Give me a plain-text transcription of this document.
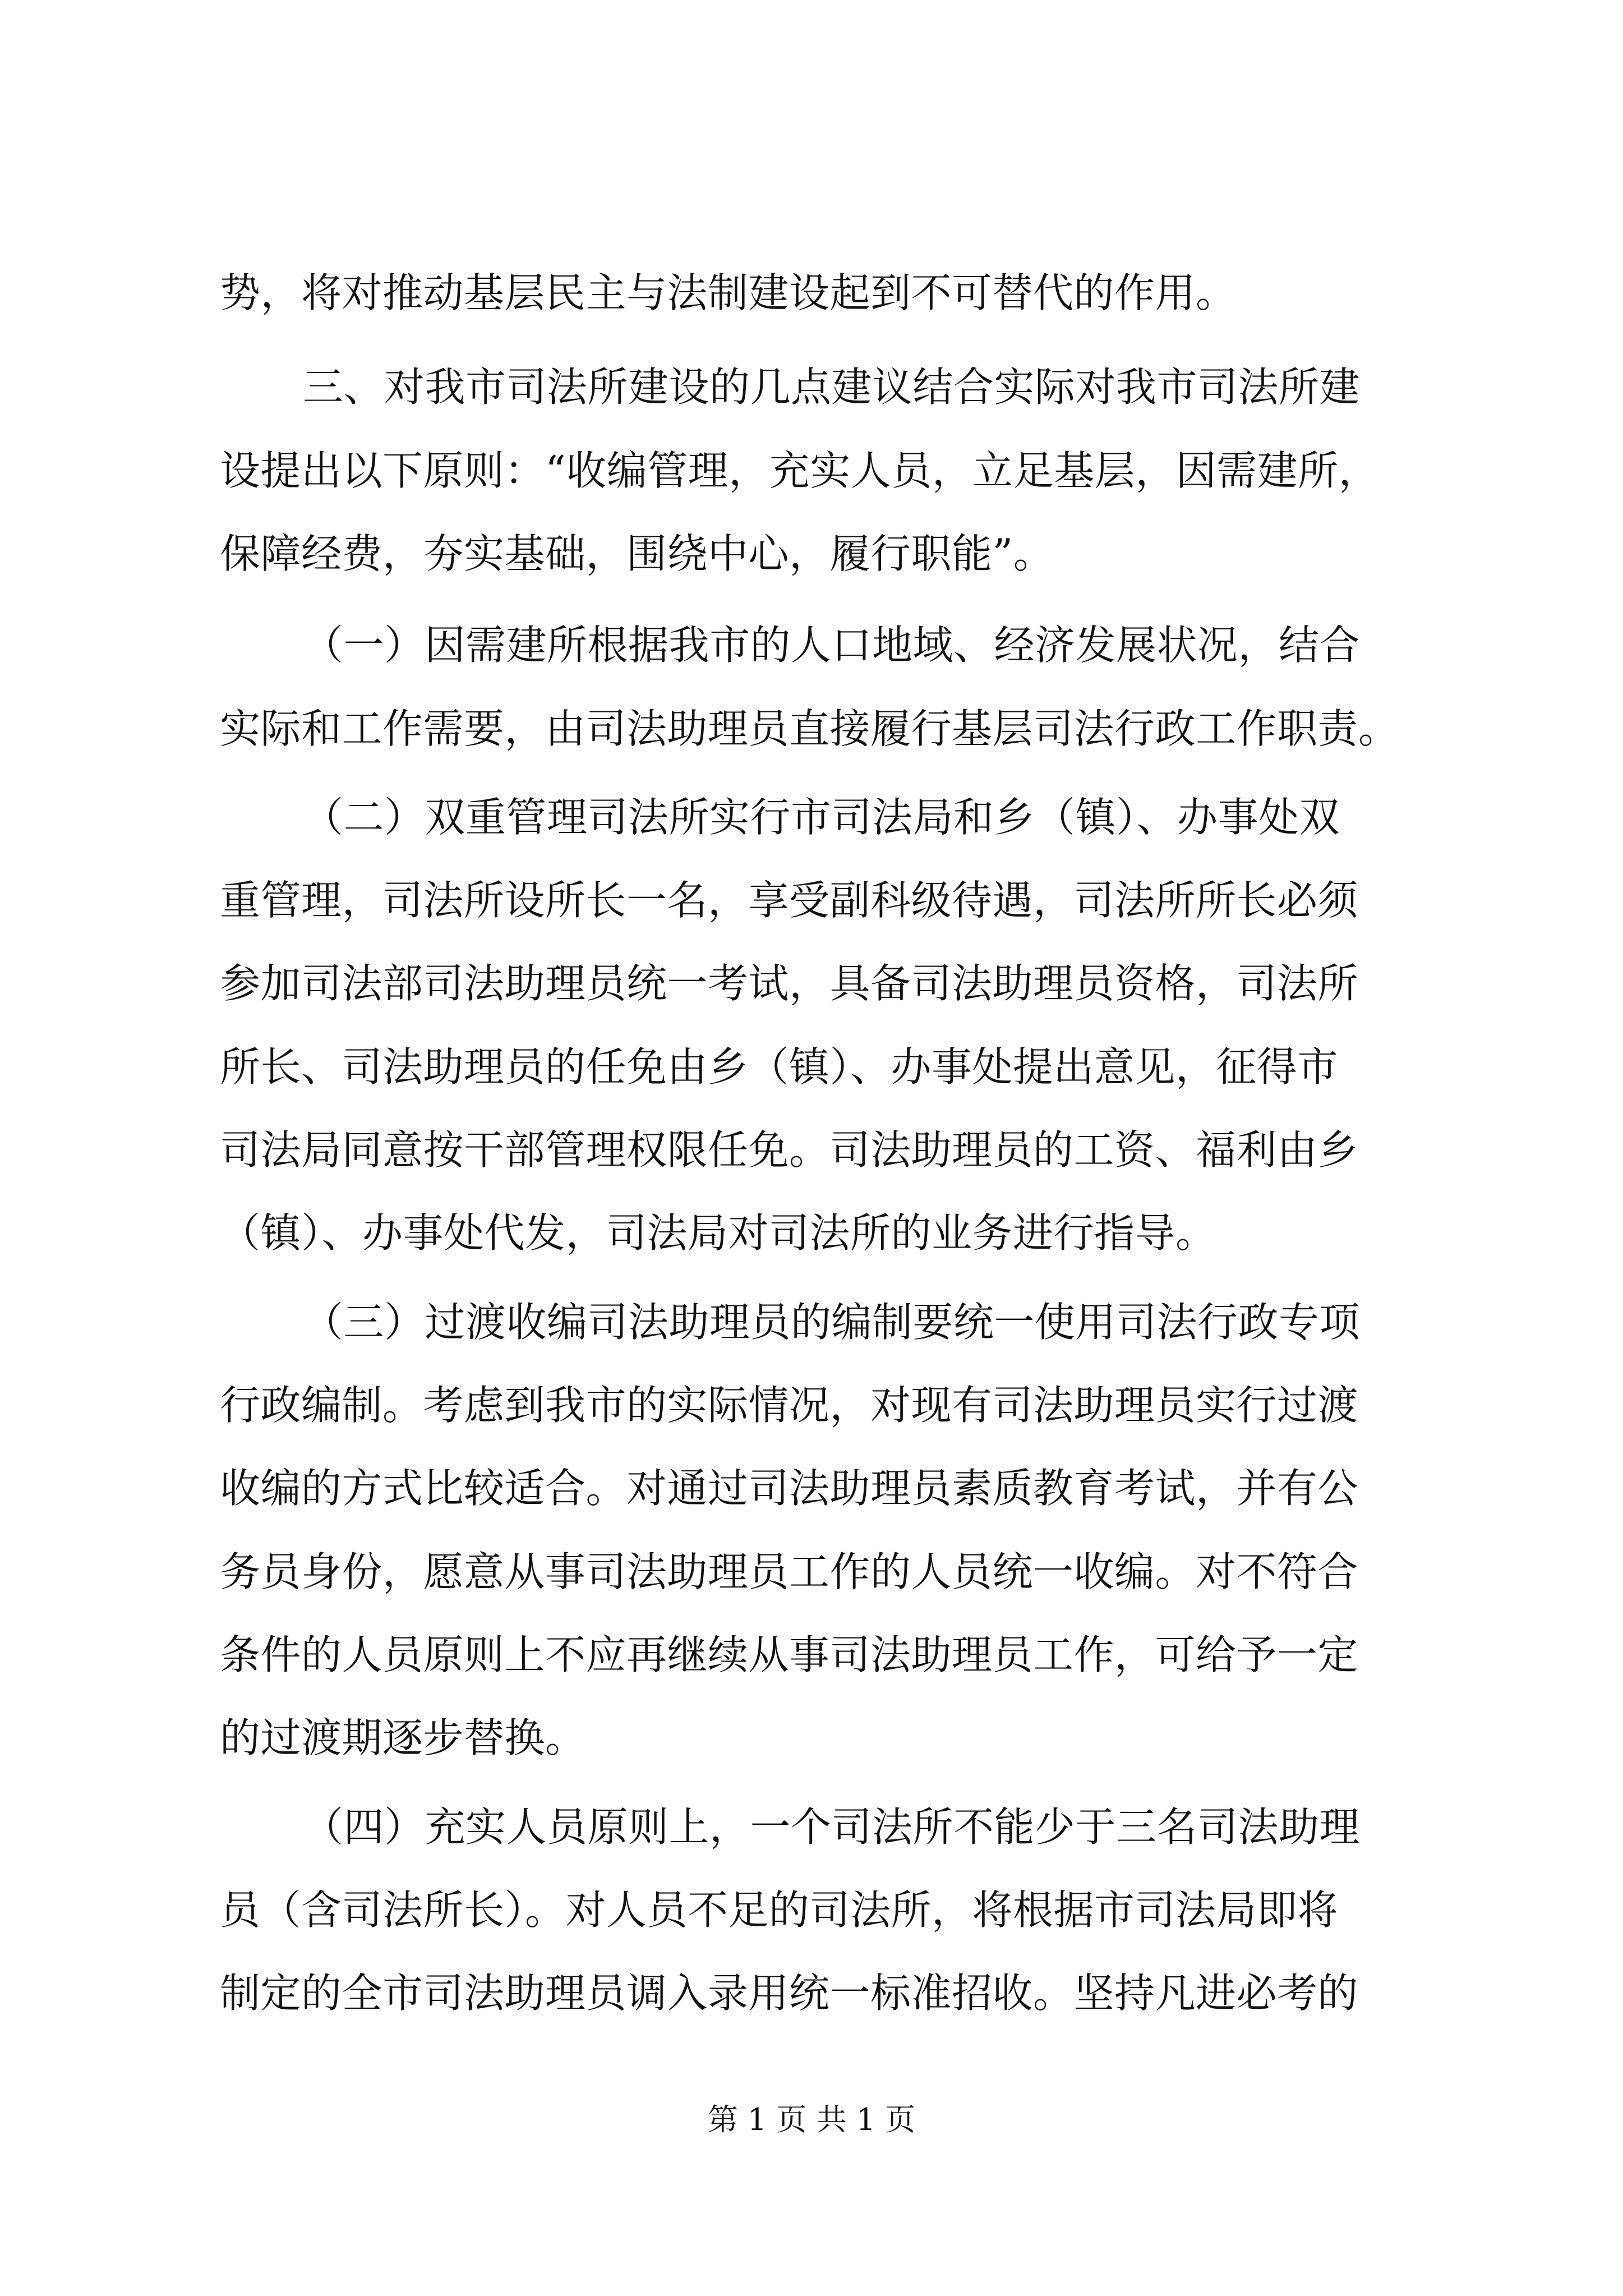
势，将对推动基层民主与法制建设起到不可替代的作用。
三、对我市司法所建设的几点建议结合实际对我市司法所建
设提出以下原则：“收编管理，充实人员，立足基层，因需建所，
保障经费，夯实基础，围绕中心，履行职能”。
（一）因需建所根据我市的人口地域、经济发展状况，结合
实际和工作需要，由司法助理员直接履行基层司法行政工作职责。
（二）双重管理司法所实行市司法局和乡（镇）、办事处双
重管理，司法所设所长一名，享受副科级待遇，司法所所长必须
参加司法部司法助理员统一考试，具备司法助理员资格，司法所
所长、司法助理员的任免由乡（镇）、办事处提出意见，征得市
司法局同意按干部管理权限任免。司法助理员的工资、福利由乡
（镇）、办事处代发，司法局对司法所的业务进行指导。
（三）过渡收编司法助理员的编制要统一使用司法行政专项
行政编制。考虑到我市的实际情况，对现有司法助理员实行过渡
收编的方式比较适合。对通过司法助理员素质教育考试，并有公
务员身份，愿意从事司法助理员工作的人员统一收编。对不符合
条件的人员原则上不应再继续从事司法助理员工作，可给予一定
的过渡期逐步替换。
（四）充实人员原则上，一个司法所不能少于三名司法助理
员（含司法所长）。对人员不足的司法所，将根据市司法局即将
制定的全市司法助理员调入录用统一标准招收。坚持凡进必考的
第 1 页 共 1 页
